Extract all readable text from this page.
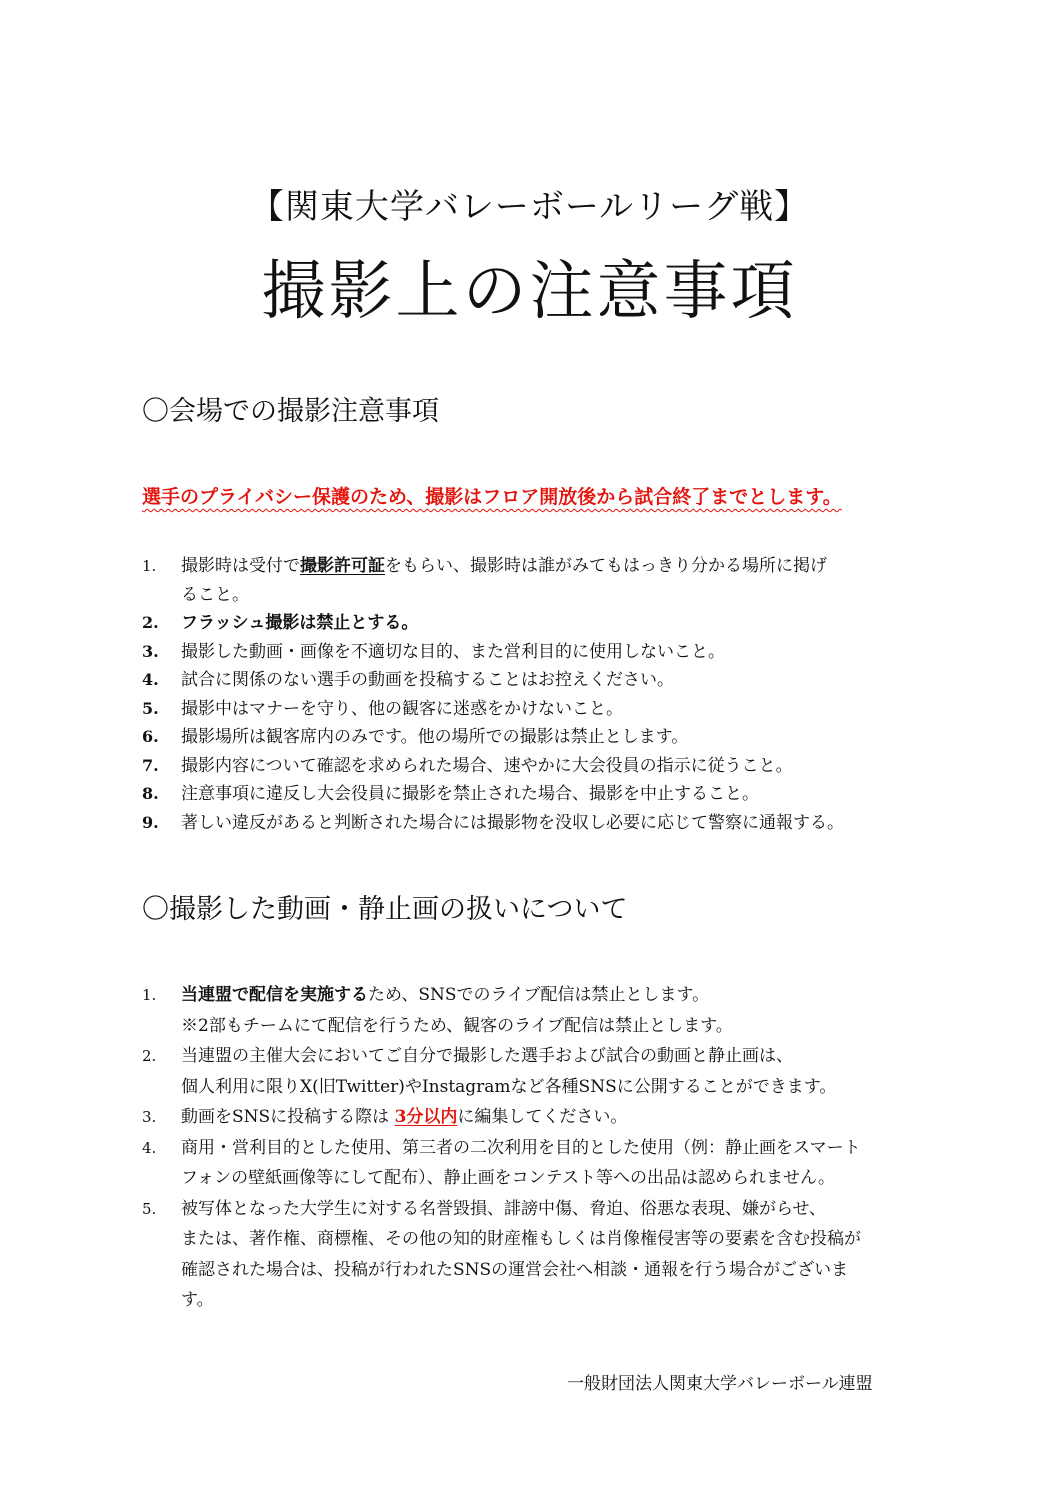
【関東大学バレーボールリーグ戦】
撮影上の注意事項
〇会場での撮影注意事項
選手のプライバシー保護のため、撮影はフロア開放後から試合終了までとします。
1. 撮影時は受付で撮影許可証をもらい、撮影時は誰がみてもはっきり分かる場所に掲げ
ること。
2. フラッシュ撮影は禁止とする。
3. 撮影した動画・画像を不適切な目的、また営利目的に使用しないこと。
4. 試合に関係のない選手の動画を投稿することはお控えください。
5. 撮影中はマナーを守り、他の観客に迷惑をかけないこと。
6. 撮影場所は観客席内のみです。他の場所での撮影は禁止とします。
7. 撮影内容について確認を求められた場合、速やかに大会役員の指示に従うこと。
8. 注意事項に違反し大会役員に撮影を禁止された場合、撮影を中止すること。
9. 著しい違反があると判断された場合には撮影物を没収し必要に応じて警察に通報する。
〇撮影した動画・静止画の扱いについて
1. 当連盟で配信を実施するため、SNSでのライブ配信は禁止とします。
※2部もチームにて配信を行うため、観客のライブ配信は禁止とします。
2. 当連盟の主催大会においてご自分で撮影した選手および試合の動画と静止画は、
個人利用に限りX(旧Twitter)やInstagramなど各種SNSに公開することができます。
3. 動画をSNSに投稿する際は 3分以内に編集してください。
4. 商用・営利目的とした使用、第三者の二次利用を目的とした使用（例：静止画をスマート
フォンの壁紙画像等にして配布）、静止画をコンテスト等への出品は認められません。
5. 被写体となった大学生に対する名誉毀損、誹謗中傷、脅迫、俗悪な表現、嫌がらせ、
または、著作権、商標権、その他の知的財産権もしくは肖像権侵害等の要素を含む投稿が
確認された場合は、投稿が行われたSNSの運営会社へ相談・通報を行う場合がございま
す。
一般財団法人関東大学バレーボール連盟
